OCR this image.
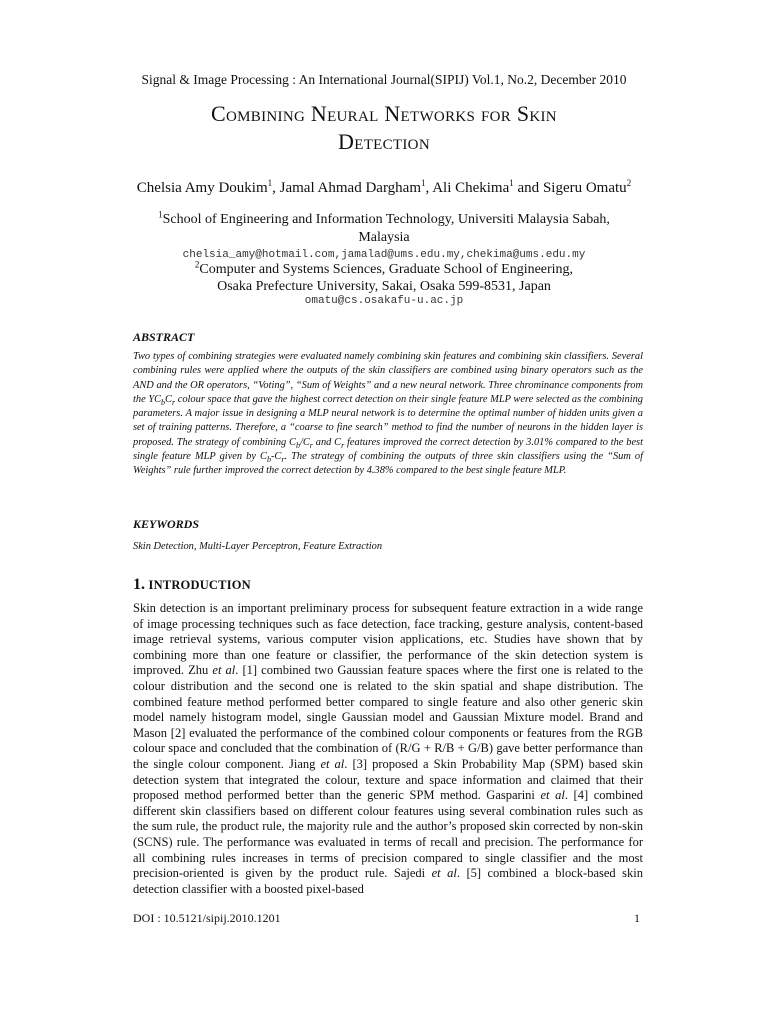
Signal & Image Processing : An International Journal(SIPIJ) Vol.1, No.2, December 2010
Combining Neural Networks for Skin
Detection
Chelsia Amy Doukim$^1$, Jamal Ahmad Dargham$^1$, Ali Chekima$^1$ and Sigeru Omatu$^2$
$^1$School of Engineering and Information Technology, Universiti Malaysia Sabah,
Malaysia
chelsia_amy@hotmail.com,jamalad@ums.edu.my,chekima@ums.edu.my
$^2$Computer and Systems Sciences, Graduate School of Engineering,
Osaka Prefecture University, Sakai, Osaka 599-8531, Japan
omatu@cs.osakafu-u.ac.jp
ABSTRACT
Two types of combining strategies were evaluated namely combining skin features and combining skin classifiers. Several combining rules were applied where the outputs of the skin classifiers are combined using binary operators such as the AND and the OR operators, “Voting”, “Sum of Weights” and a new neural network. Three chrominance components from the $YC_bC_r$ colour space that gave the highest correct detection on their single feature MLP were selected as the combining parameters. A major issue in designing a MLP neural network is to determine the optimal number of hidden units given a set of training patterns. Therefore, a “coarse to fine search” method to find the number of neurons in the hidden layer is proposed. The strategy of combining $C_b/C_r$ and $C_r$ features improved the correct detection by 3.01% compared to the best single feature MLP given by $C_b-C_r$. The strategy of combining the outputs of three skin classifiers using the “Sum of Weights” rule further improved the correct detection by 4.38% compared to the best single feature MLP.
KEYWORDS
Skin Detection, Multi-Layer Perceptron, Feature Extraction
1. INTRODUCTION
Skin detection is an important preliminary process for subsequent feature extraction in a wide range of image processing techniques such as face detection, face tracking, gesture analysis, content-based image retrieval systems, various computer vision applications, etc. Studies have shown that by combining more than one feature or classifier, the performance of the skin detection system is improved. Zhu et al. [1] combined two Gaussian feature spaces where the first one is related to the colour distribution and the second one is related to the skin spatial and shape distribution. The combined feature method performed better compared to single feature and also other generic skin model namely histogram model, single Gaussian model and Gaussian Mixture model. Brand and Mason [2] evaluated the performance of the combined colour components or features from the RGB colour space and concluded that the combination of (R/G + R/B + G/B) gave better performance than the single colour component. Jiang et al. [3] proposed a Skin Probability Map (SPM) based skin detection system that integrated the colour, texture and space information and claimed that their proposed method performed better than the generic SPM method. Gasparini et al. [4] combined different skin classifiers based on different colour features using several combination rules such as the sum rule, the product rule, the majority rule and the author’s proposed skin corrected by non-skin (SCNS) rule. The performance was evaluated in terms of recall and precision. The performance for all combining rules increases in terms of precision compared to single classifier and the most precision-oriented is given by the product rule. Sajedi et al. [5] combined a block-based skin detection classifier with a boosted pixel-based
DOI : 10.5121/sipij.2010.1201	1
